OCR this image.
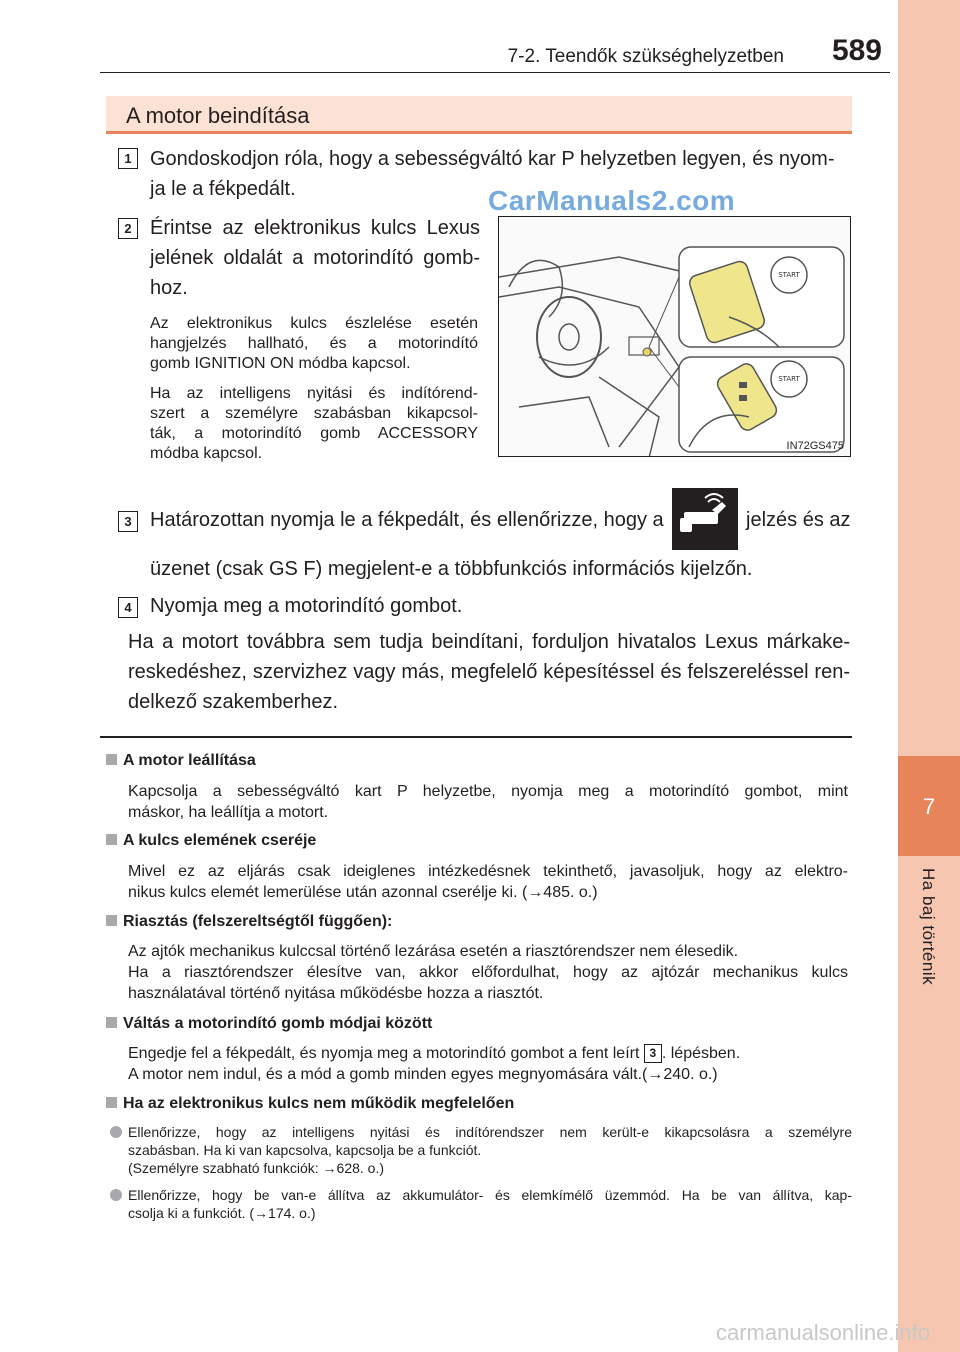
7
Ha baj történik
7-2. Teendők szükséghelyzetben 589
A motor beindítása
1 Gondoskodjon róla, hogy a sebességváltó kar P helyzetben legyen, és nyom-
ja le a fékpedált.	CarManuals2.com
2 Érintse az elektronikus kulcs Lexus
jelének oldalát a motorindító gomb-
hoz.
Az elektronikus kulcs észlelése esetén
hangjelzés hallható, és a motorindító
gomb IGNITION ON módba kapcsol.
Ha az intelligens nyitási és indítórend-
szert a személyre szabásban kikapcsol-
ták, a motorindító gomb ACCESSORY
módba kapcsol.
START
START
IN72GS475
3 Határozottan nyomja le a fékpedált, és ellenőrizze, hogy a	jelzés és az
üzenet (csak GS F) megjelent-e a többfunkciós információs kijelzőn.
4 Nyomja meg a motorindító gombot.
Ha a motort továbbra sem tudja beindítani, forduljon hivatalos Lexus márkake-
reskedéshez, szervizhez vagy más, megfelelő képesítéssel és felszereléssel ren-
delkező szakemberhez.
A motor leállítása
Kapcsolja a sebességváltó kart P helyzetbe, nyomja meg a motorindító gombot, mint
máskor, ha leállítja a motort.
A kulcs elemének cseréje
Mivel ez az eljárás csak ideiglenes intézkedésnek tekinthető, javasoljuk, hogy az elektro-
nikus kulcs elemét lemerülése után azonnal cserélje ki. (→485. o.)
Riasztás (felszereltségtől függően):
Az ajtók mechanikus kulccsal történő lezárása esetén a riasztórendszer nem élesedik.
Ha a riasztórendszer élesítve van, akkor előfordulhat, hogy az ajtózár mechanikus kulcs
használatával történő nyitása működésbe hozza a riasztót.
Váltás a motorindító gomb módjai között
Engedje fel a fékpedált, és nyomja meg a motorindító gombot a fent leírt 3 . lépésben.
A motor nem indul, és a mód a gomb minden egyes megnyomására vált.(→240. o.)
Ha az elektronikus kulcs nem működik megfelelően
Ellenőrizze, hogy az intelligens nyitási és indítórendszer nem került-e kikapcsolásra a személyre
szabásban. Ha ki van kapcsolva, kapcsolja be a funkciót.
(Személyre szabható funkciók: →628. o.)
Ellenőrizze, hogy be van-e állítva az akkumulátor- és elemkímélő üzemmód. Ha be van állítva, kap-
csolja ki a funkciót. (→174. o.)
carmanualsonline.info
